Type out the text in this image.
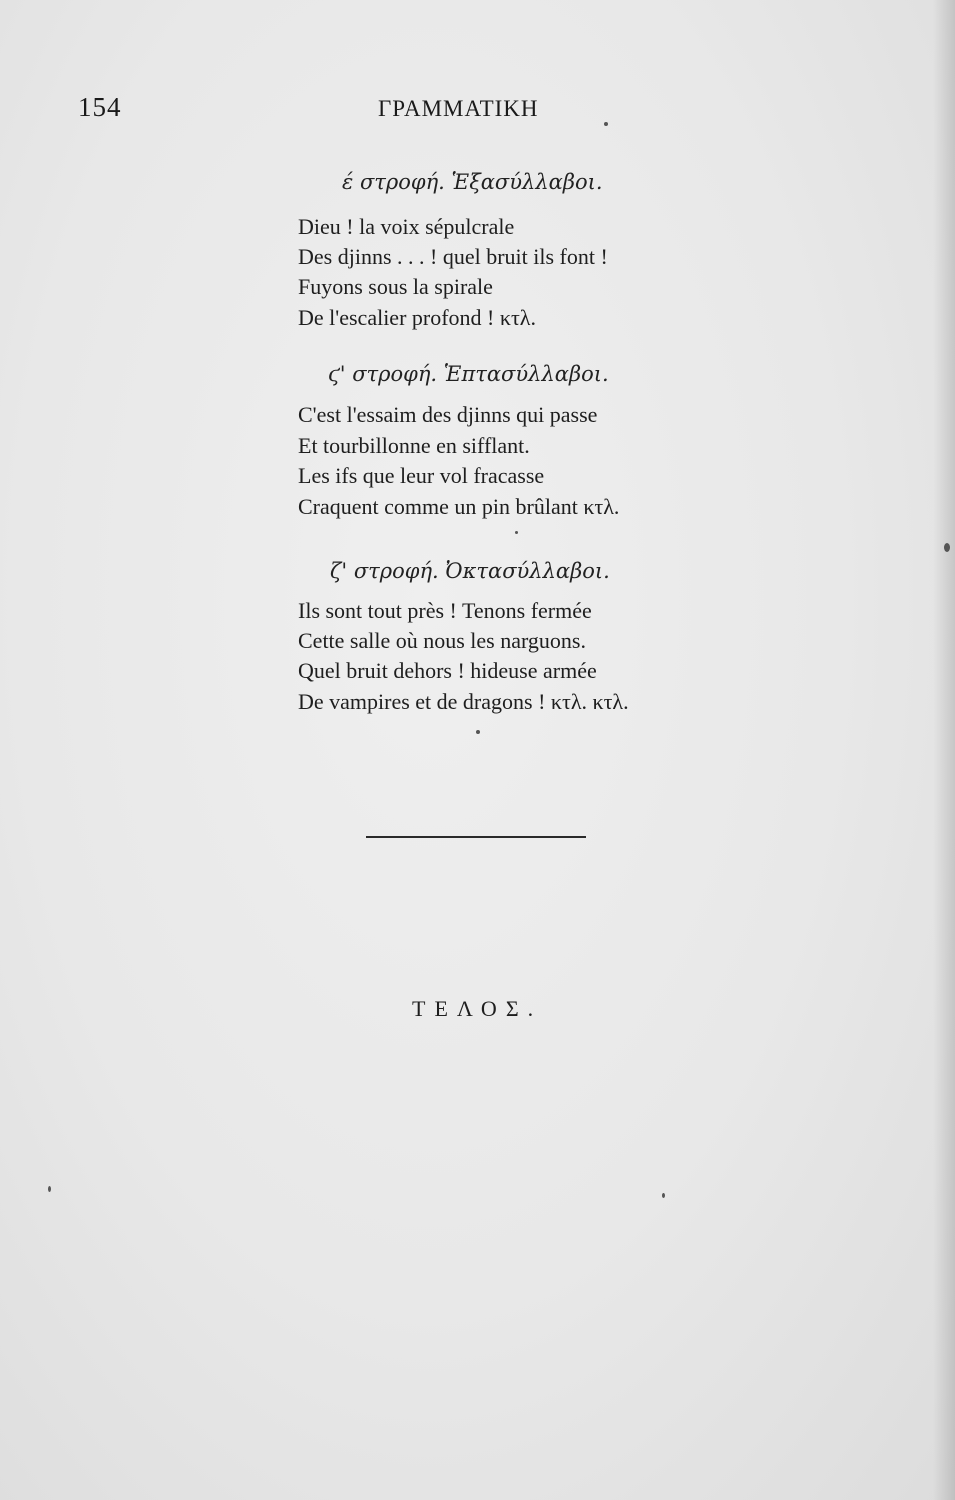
154	ΓΡΑΜΜΑΤΙΚΗ
έ στροφή. Ἑξασύλλαβοι.
Dieu ! la voix sépulcrale
Des djinns . . . ! quel bruit ils font !
Fuyons sous la spirale
De l'escalier profond ! κτλ.
ϛ' στροφή. Ἑπτασύλλαβοι.
C'est l'essaim des djinns qui passe
Et tourbillonne en sifflant.
Les ifs que leur vol fracasse
Craquent comme un pin brûlant κτλ.
ζ' στροφή. Ὀκτασύλλαβοι.
Ils sont tout près ! Tenons fermée
Cette salle où nous les narguons.
Quel bruit dehors ! hideuse armée
De vampires et de dragons ! κτλ. κτλ.
ΤΕΛΟΣ.
